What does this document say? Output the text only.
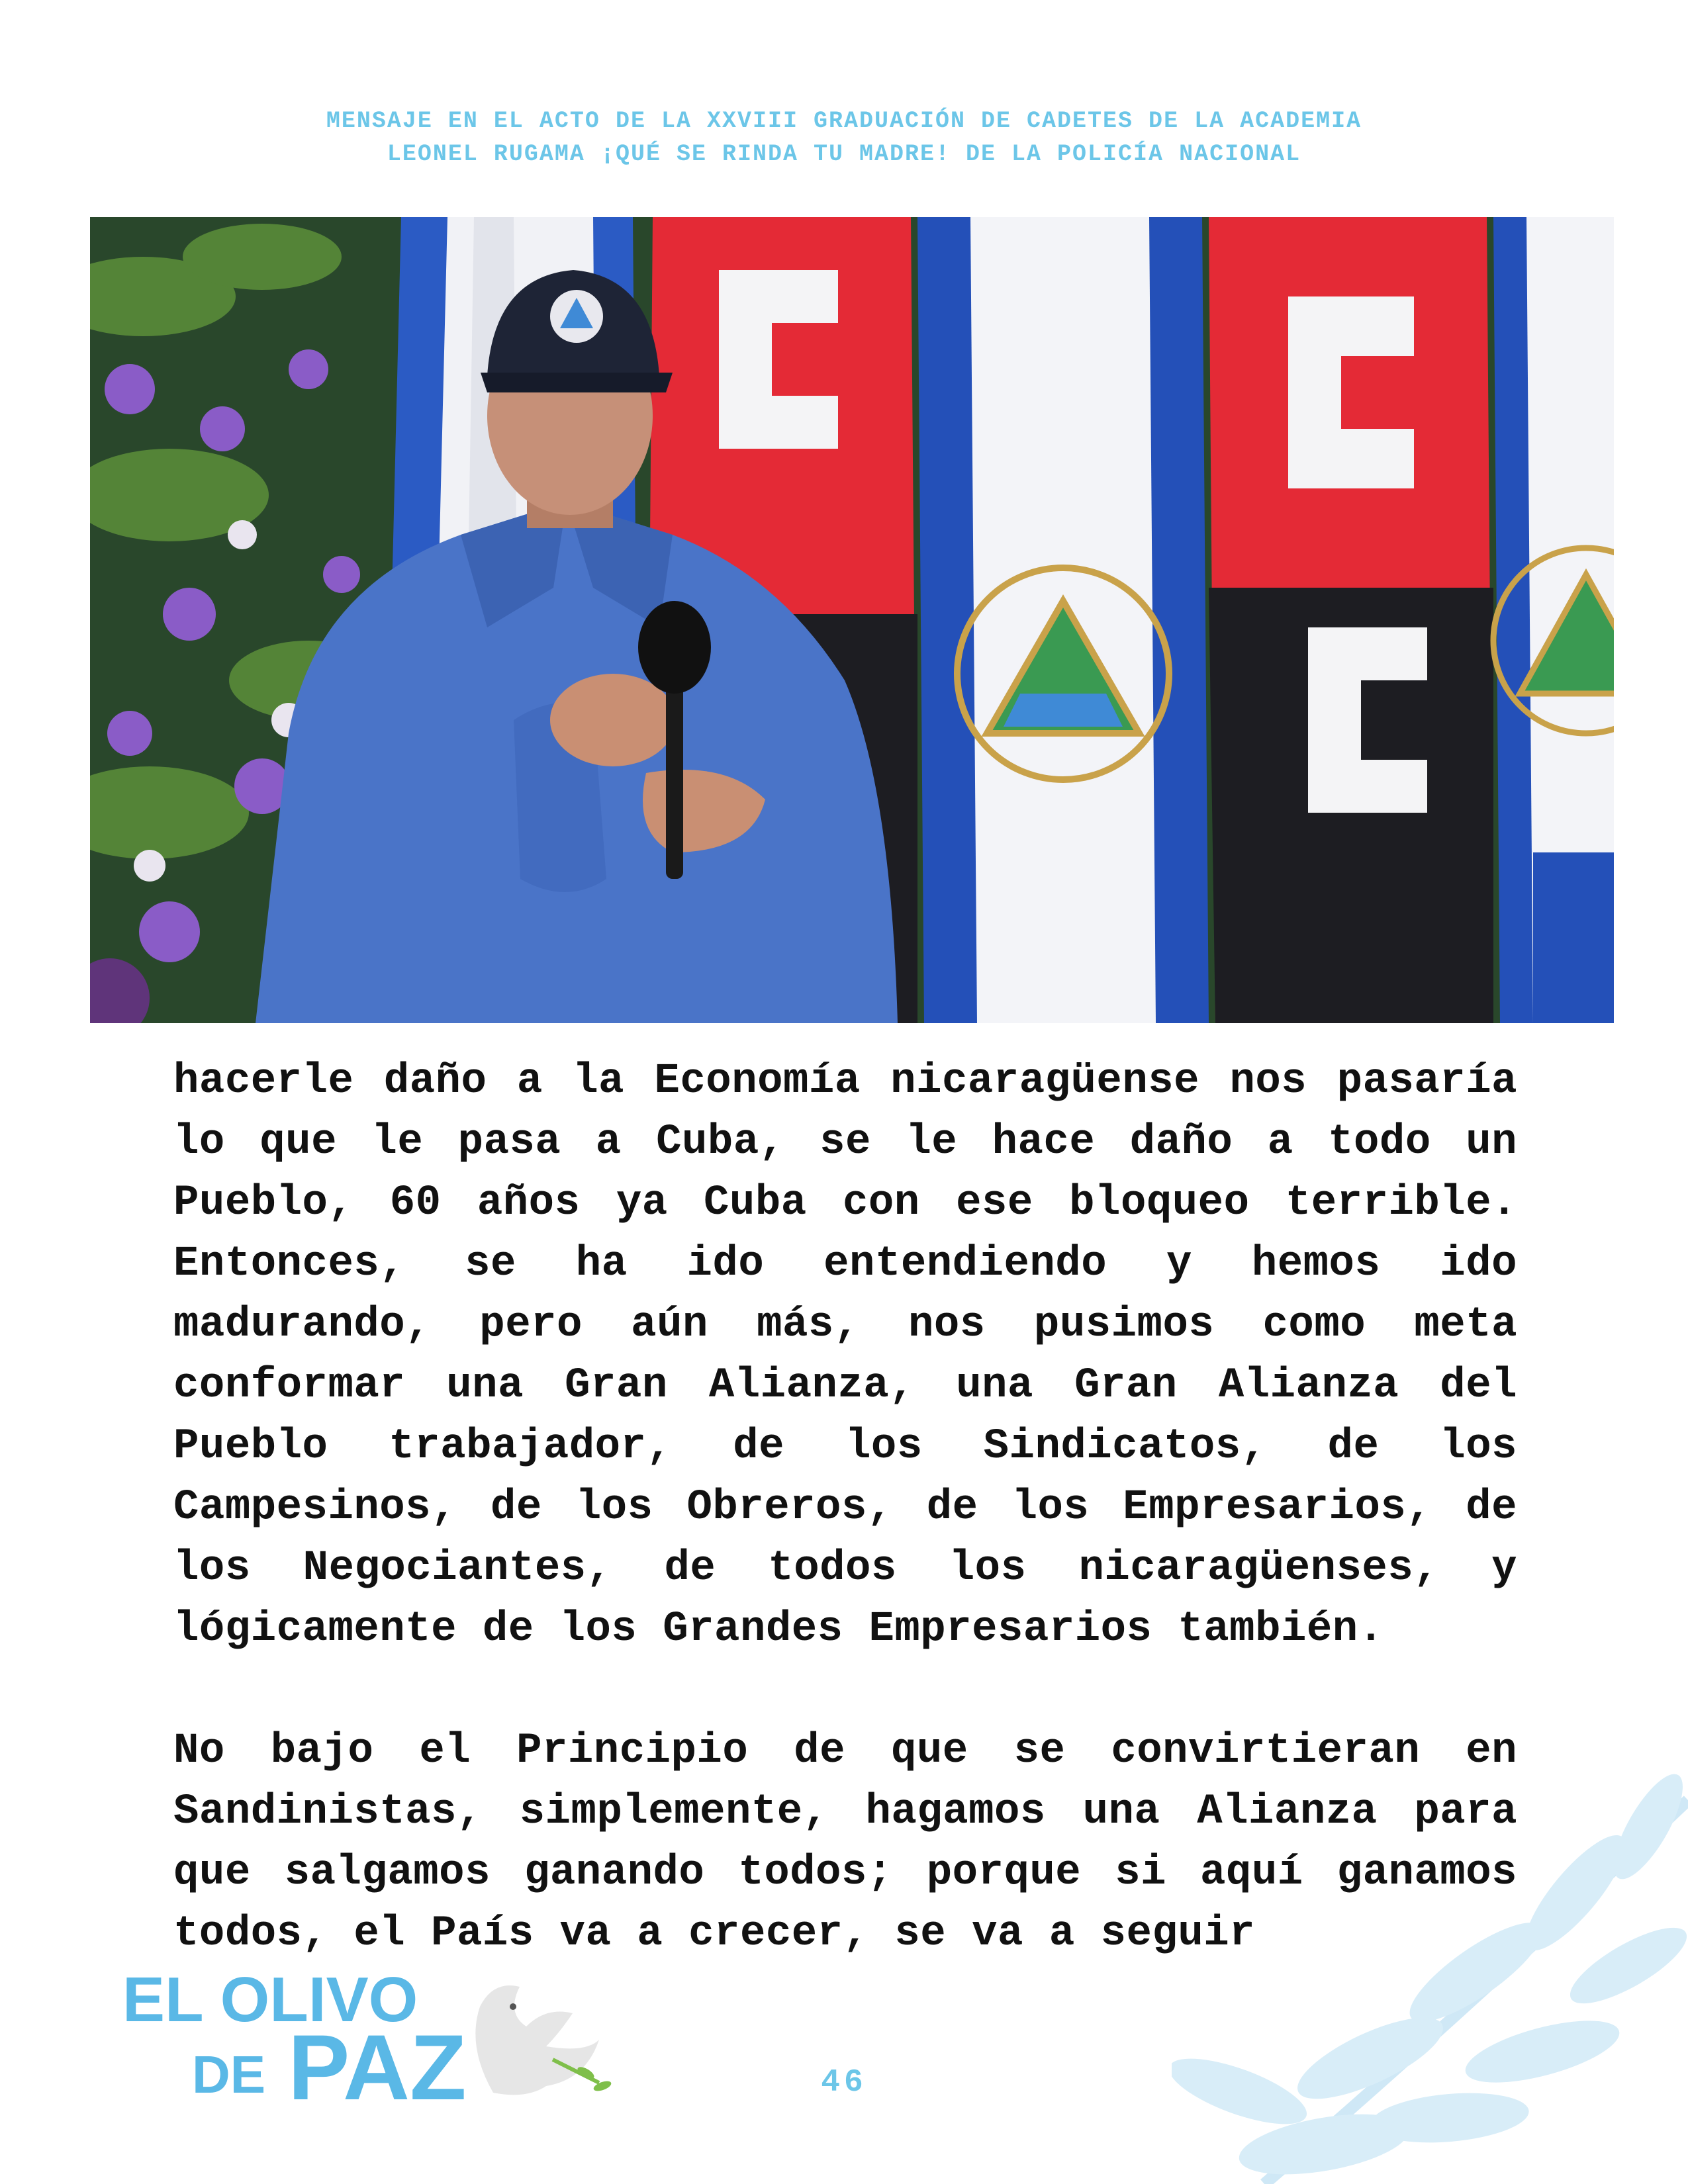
MENSAJE EN EL ACTO DE LA XXVIII GRADUACIÓN DE CADETES DE LA ACADEMIA
LEONEL RUGAMA ¡QUÉ SE RINDA TU MADRE! DE LA POLICÍA NACIONAL

hacerle daño a la Economía nicaragüense nos pasaría lo que le pasa a Cuba, se le hace daño a todo un Pueblo, 60 años ya Cuba con ese bloqueo terrible. Entonces, se ha ido entendiendo y hemos ido madurando, pero aún más, nos pusimos como meta conformar una Gran Alianza, una Gran Alianza del Pueblo trabajador, de los Sindicatos, de los Campesinos, de los Obreros, de los Empresarios, de los Negociantes, de todos los nicaragüenses, y lógicamente de los Grandes Empresarios también.

No bajo el Principio de que se convirtieran en Sandinistas, simplemente, hagamos una Alianza para que salgamos ganando todos; porque si aquí ganamos todos, el País va a crecer, se va a seguir

EL OLIVO
DE PAZ	46
